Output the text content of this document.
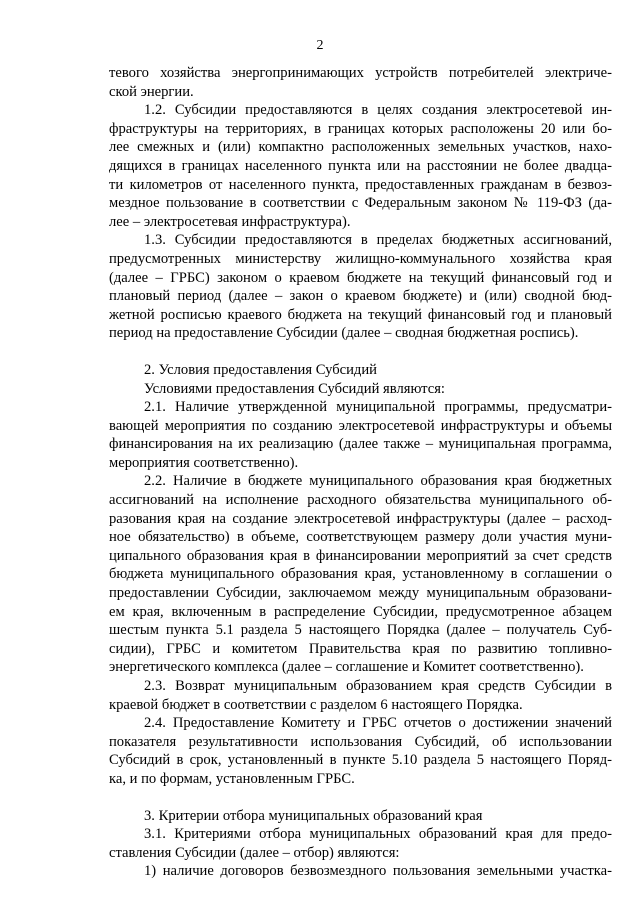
2
тевого хозяйства энергопринимающих устройств потребителей электриче-
ской энергии.
1.2. Субсидии предоставляются в целях создания электросетевой ин-
фраструктуры на территориях, в границах которых расположены 20 или бо-
лее смежных и (или) компактно расположенных земельных участков, нахо-
дящихся в границах населенного пункта или на расстоянии не более двадца-
ти километров от населенного пункта, предоставленных гражданам в безвоз-
мездное пользование в соответствии с Федеральным законом № 119-ФЗ (да-
лее – электросетевая инфраструктура).
1.3. Субсидии предоставляются в пределах бюджетных ассигнований,
предусмотренных министерству жилищно-коммунального хозяйства края
(далее – ГРБС) законом о краевом бюджете на текущий финансовый год и
плановый период (далее – закон о краевом бюджете) и (или) сводной бюд-
жетной росписью краевого бюджета на текущий финансовый год и плановый
период на предоставление Субсидии (далее – сводная бюджетная роспись).
2. Условия предоставления Субсидий
Условиями предоставления Субсидий являются:
2.1. Наличие утвержденной муниципальной программы, предусматри-
вающей мероприятия по созданию электросетевой инфраструктуры и объемы
финансирования на их реализацию (далее также – муниципальная программа,
мероприятия соответственно).
2.2. Наличие в бюджете муниципального образования края бюджетных
ассигнований на исполнение расходного обязательства муниципального об-
разования края на создание электросетевой инфраструктуры (далее – расход-
ное обязательство) в объеме, соответствующем размеру доли участия муни-
ципального образования края в финансировании мероприятий за счет средств
бюджета муниципального образования края, установленному в соглашении о
предоставлении Субсидии, заключаемом между муниципальным образовани-
ем края, включенным в распределение Субсидии, предусмотренное абзацем
шестым пункта 5.1 раздела 5 настоящего Порядка (далее – получатель Суб-
сидии), ГРБС и комитетом Правительства края по развитию топливно-
энергетического комплекса (далее – соглашение и Комитет соответственно).
2.3. Возврат муниципальным образованием края средств Субсидии в
краевой бюджет в соответствии с разделом 6 настоящего Порядка.
2.4. Предоставление Комитету и ГРБС отчетов о достижении значений
показателя результативности использования Субсидий, об использовании
Субсидий в срок, установленный в пункте 5.10 раздела 5 настоящего Поряд-
ка, и по формам, установленным ГРБС.
3. Критерии отбора муниципальных образований края
3.1. Критериями отбора муниципальных образований края для предо-
ставления Субсидии (далее – отбор) являются:
1) наличие договоров безвозмездного пользования земельными участка-
